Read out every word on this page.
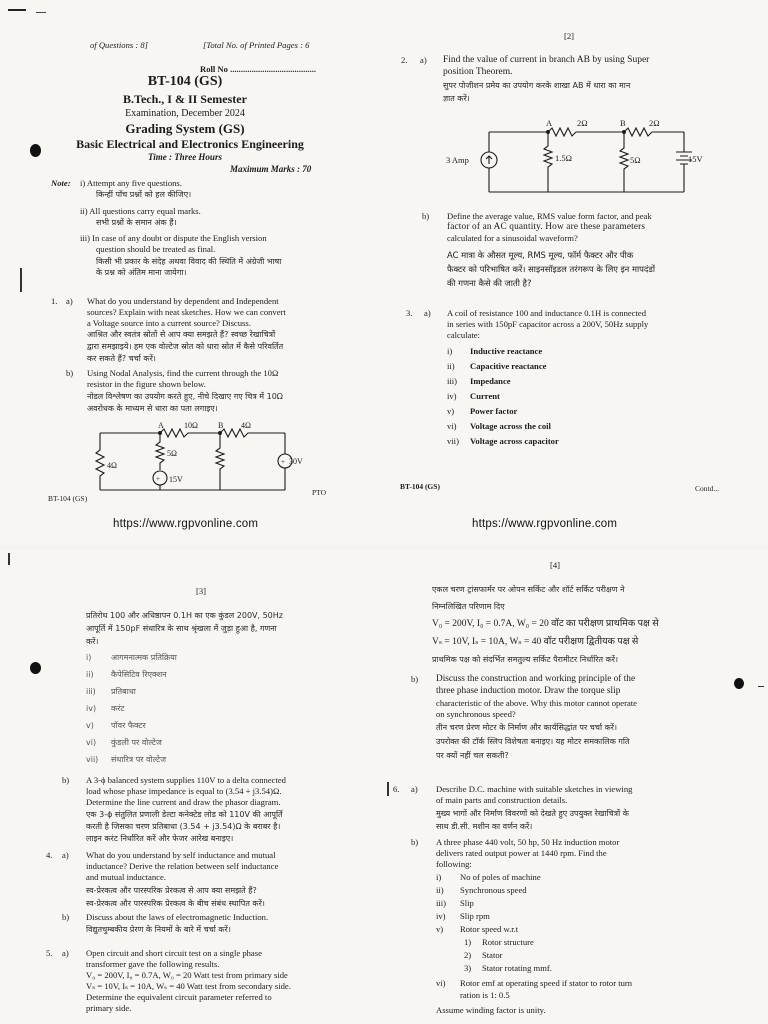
of Questions : 8]	[Total No. of Printed Pages : 6
Roll No ........................................
BT-104 (GS)
B.Tech., I & II Semester
Examination, December 2024
Grading System (GS)
Basic Electrical and Electronics Engineering
Time : Three Hours
Maximum Marks : 70
Note: i) Attempt any five questions.
किन्हीं पाँच प्रश्नों को हल कीजिए।
ii) All questions carry equal marks.
सभी प्रश्नों के समान अंक हैं।
iii) In case of any doubt or dispute the English version
question should be treated as final.
किसी भी प्रकार के संदेह अथवा विवाद की स्थिति में अंग्रेजी भाषा
के प्रश्न को अंतिम माना जायेगा।
1. a) What do you understand by dependent and Independent
sources? Explain with neat sketches. How we can convert
a Voltage source into a current source? Discuss.
आश्रित और स्वतंत्र स्रोतों से आप क्या समझते हैं? स्वच्छ रेखाचित्रों
द्वारा समझाइये। हम एक वोल्टेज स्रोत को धारा स्रोत में कैसे परिवर्तित
कर सकते हैं? चर्चा करें।
b) Using Nodal Analysis, find the current through the 10Ω
resistor in the figure shown below.
नोडल विश्लेषण का उपयोग करते हुए, नीचे दिखाए गए चित्र में 10Ω
अवरोधक के माध्यम से धारा का पता लगाइए।
A	B
10Ω	4Ω
4Ω
5Ω
15V
30V
+
+
BT-104 (GS)
PTO
https://www.rgpvonline.com
[2]
2. a) Find the value of current in branch AB by using Super
position Theorem.
सुपर पोजीशन प्रमेय का उपयोग करके शाखा AB में धारा का मान
ज्ञात करें।
A	B
2Ω	2Ω
1.5Ω	5Ω
3 Amp	15V
b) Define the average value, RMS value form factor, and peak
factor of an AC quantity. How are these parameters
calculated for a sinusoidal waveform?
AC मात्रा के औसत मूल्य, RMS मूल्य, फॉर्म फैक्टर और पीक
फैक्टर को परिभाषित करें। साइनसॉइडल तरंगरूप के लिए इन मापदंडों
की गणना कैसे की जाती है?
3. a) A coil of resistance 100 and inductance 0.1H is connected
in series with 150pF capacitor across a 200V, 50Hz supply
calculate:
i) Inductive reactance
ii) Capacitive reactance
iii) Impedance
iv) Current
v) Power factor
vi) Voltage across the coil
vii) Voltage across capacitor
BT-104 (GS)	Contd...
https://www.rgpvonline.com
[3]
प्रतिरोध 100 और अधिष्ठापन 0.1H का एक कुंडल 200V, 50Hz
आपूर्ति में 150pF संधारित्र के साथ श्रृंखला में जुड़ा हुआ है, गणना
करें।
i) आगमनात्मक प्रतिक्रिया
ii) कैपेसिटिव रिएक्शन
iii) प्रतिबाधा
iv) करंट
v) पॉवर फैक्टर
vi) कुंडली पर वोल्टेज
vii) संधारित्र पर वोल्टेज
b) A 3-ϕ balanced system supplies 110V to a delta connected
load whose phase impedance is equal to (3.54 + j3.54)Ω.
Determine the line current and draw the phasor diagram.
एक 3-ϕ संतुलित प्रणाली डेल्टा कनेक्टेड लोड को 110V की आपूर्ति
करती है जिसका चरण प्रतिबाधा (3.54 + j3.54)Ω के बराबर है।
लाइन करंट निर्धारित करें और फेजर आरेख बनाइए।
4. a) What do you understand by self inductance and mutual
inductance? Derive the relation between self inductance
and mutual inductance.
स्व-प्रेरकत्व और पारस्परिक प्रेरकत्व से आप क्या समझते हैं?
स्व-प्रेरकत्व और पारस्परिक प्रेरकत्व के बीच संबंध स्थापित करें।
b) Discuss about the laws of electromagnetic Induction.
विद्युतचुम्बकीय प्रेरण के नियमों के बारे में चर्चा करें।
5. a) Open circuit and short circuit test on a single phase
transformer gave the following results.
V₀ = 200V, I₀ = 0.7A, W₀ = 20 Watt test from primary side
Vₛ = 10V, Iₛ = 10A, Wₛ = 40 Watt test from secondary side.
Determine the equivalent circuit parameter referred to
primary side.
[4]
एकल चरण ट्रांसफार्मर पर ओपन सर्किट और शॉर्ट सर्किट परीक्षण ने
निम्नलिखित परिणाम दिए
V₀ = 200V, I₀ = 0.7A, W₀ = 20 वॉट का परीक्षण प्राथमिक पक्ष से
Vₛ = 10V, Iₛ = 10A, Wₛ = 40 वॉट परीक्षण द्वितीयक पक्ष से
प्राथमिक पक्ष को संदर्भित समतुल्य सर्किट पैरामीटर निर्धारित करें।
b) Discuss the construction and working principle of the
three phase induction motor. Draw the torque slip
characteristic of the above. Why this motor cannot operate
on synchronous speed?
तीन चरण प्रेरण मोटर के निर्माण और कार्यसिद्धांत पर चर्चा करें।
उपरोक्त की टॉर्क स्लिप विशेषता बनाइए। यह मोटर समकालिक गति
पर क्यों नहीं चल सकती?
6. a) Describe D.C. machine with suitable sketches in viewing
of main parts and construction details.
मुख्य भागों और निर्माण विवरणों को देखते हुए उपयुक्त रेखाचित्रों के
साथ डी.सी. मशीन का वर्णन करें।
b) A three phase 440 volt, 50 hp, 50 Hz induction motor
delivers rated output power at 1440 rpm. Find the
following:
i) No of poles of machine
ii) Synchronous speed
iii) Slip
iv) Slip rpm
v) Rotor speed w.r.t
1) Rotor structure
2) Stator
3) Stator rotating mmf.
vi) Rotor emf at operating speed if stator to rotor turn
ration is 1: 0.5
Assume winding factor is unity.
